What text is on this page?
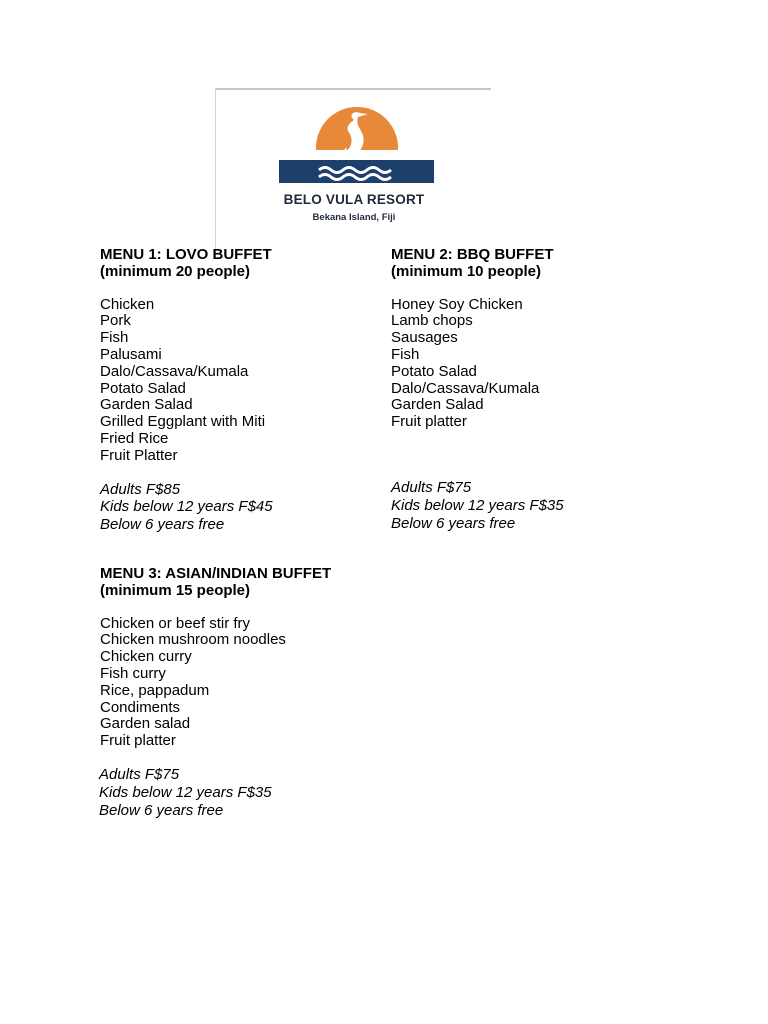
BELO VULA RESORT
Bekana Island, Fiji
MENU 1: LOVO BUFFET
(minimum 20 people)
Chicken
Pork
Fish
Palusami
Dalo/Cassava/Kumala
Potato Salad
Garden Salad
Grilled Eggplant with Miti
Fried Rice
Fruit Platter
Adults F$85
Kids below 12 years F$45
Below 6 years free
MENU 2: BBQ BUFFET
(minimum 10 people)
Honey Soy Chicken
Lamb chops
Sausages
Fish
Potato Salad
Dalo/Cassava/Kumala
Garden Salad
Fruit platter
Adults F$75
Kids below 12 years F$35
Below 6 years free
MENU 3: ASIAN/INDIAN BUFFET
(minimum 15 people)
Chicken or beef stir fry
Chicken mushroom noodles
Chicken curry
Fish curry
Rice, pappadum
Condiments
Garden salad
Fruit platter
Adults F$75
Kids below 12 years F$35
Below 6 years free
